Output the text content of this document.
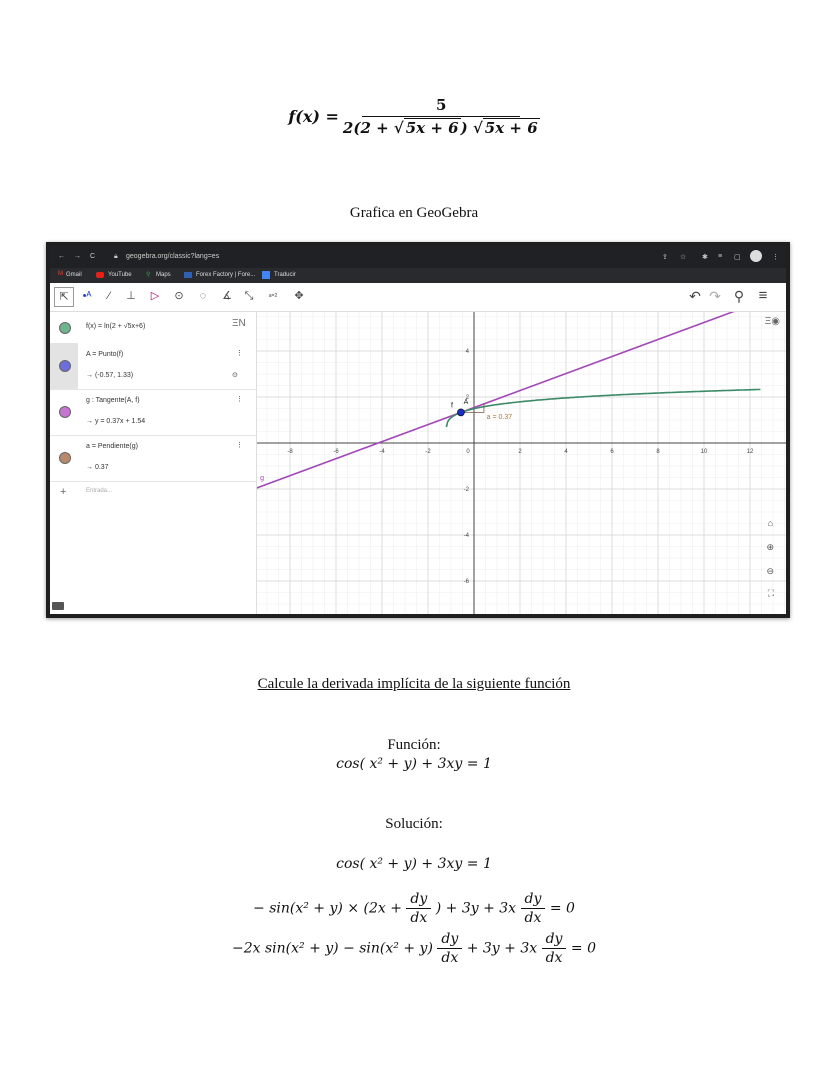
$f(x) = \frac{5}{2(2 + √ 5x + 6 ) √ 5x + 6}$
Grafica en GeoGebra
← → C	🔒︎ geogebra.org/classic?lang=es	⇪ ☆ ✱ ≡ ▢	⋮
M Gmail	YouTube ⚲ Maps	Forex Factory | Fore...	Traducir
⇱	•ᴬ	⁄	⊥	▷	⊙	◌	∡	⤡	a=2	✥	↶ ↷ ⚲ ≡
f(x) = ln(2 + √5x+6)	ΞN
A = Punto(f)
→ (-0.57, 1.33)
⋮
⊙
g : Tangente(A, f)
→ y = 0.37x + 1.54
⋮
a = Pendiente(g)
→ 0.37
⋮
+	Entrada...
-8	-6	-4	-2	0	2	4	6	8	10	12
4
2
-2
-4
-6
f A
g
a = 0.37
Ξ◉
⌂
⊕
⊖
⛶
Calcule la derivada implícita de la siguiente función
Función:
cos( x² + y) + 3xy = 1
Solución:
cos( x² + y) + 3xy = 1
− $\sin(x^2 + y) \times (2x + \frac{dy}{dx}$ ) + $3y + 3x \frac{dy}{dx} = 0$
−2x $\sin(x^2 + y) - \sin(x^2 + y) \frac{dy}{dx} + 3y + 3x \frac{dy}{dx} = 0$
